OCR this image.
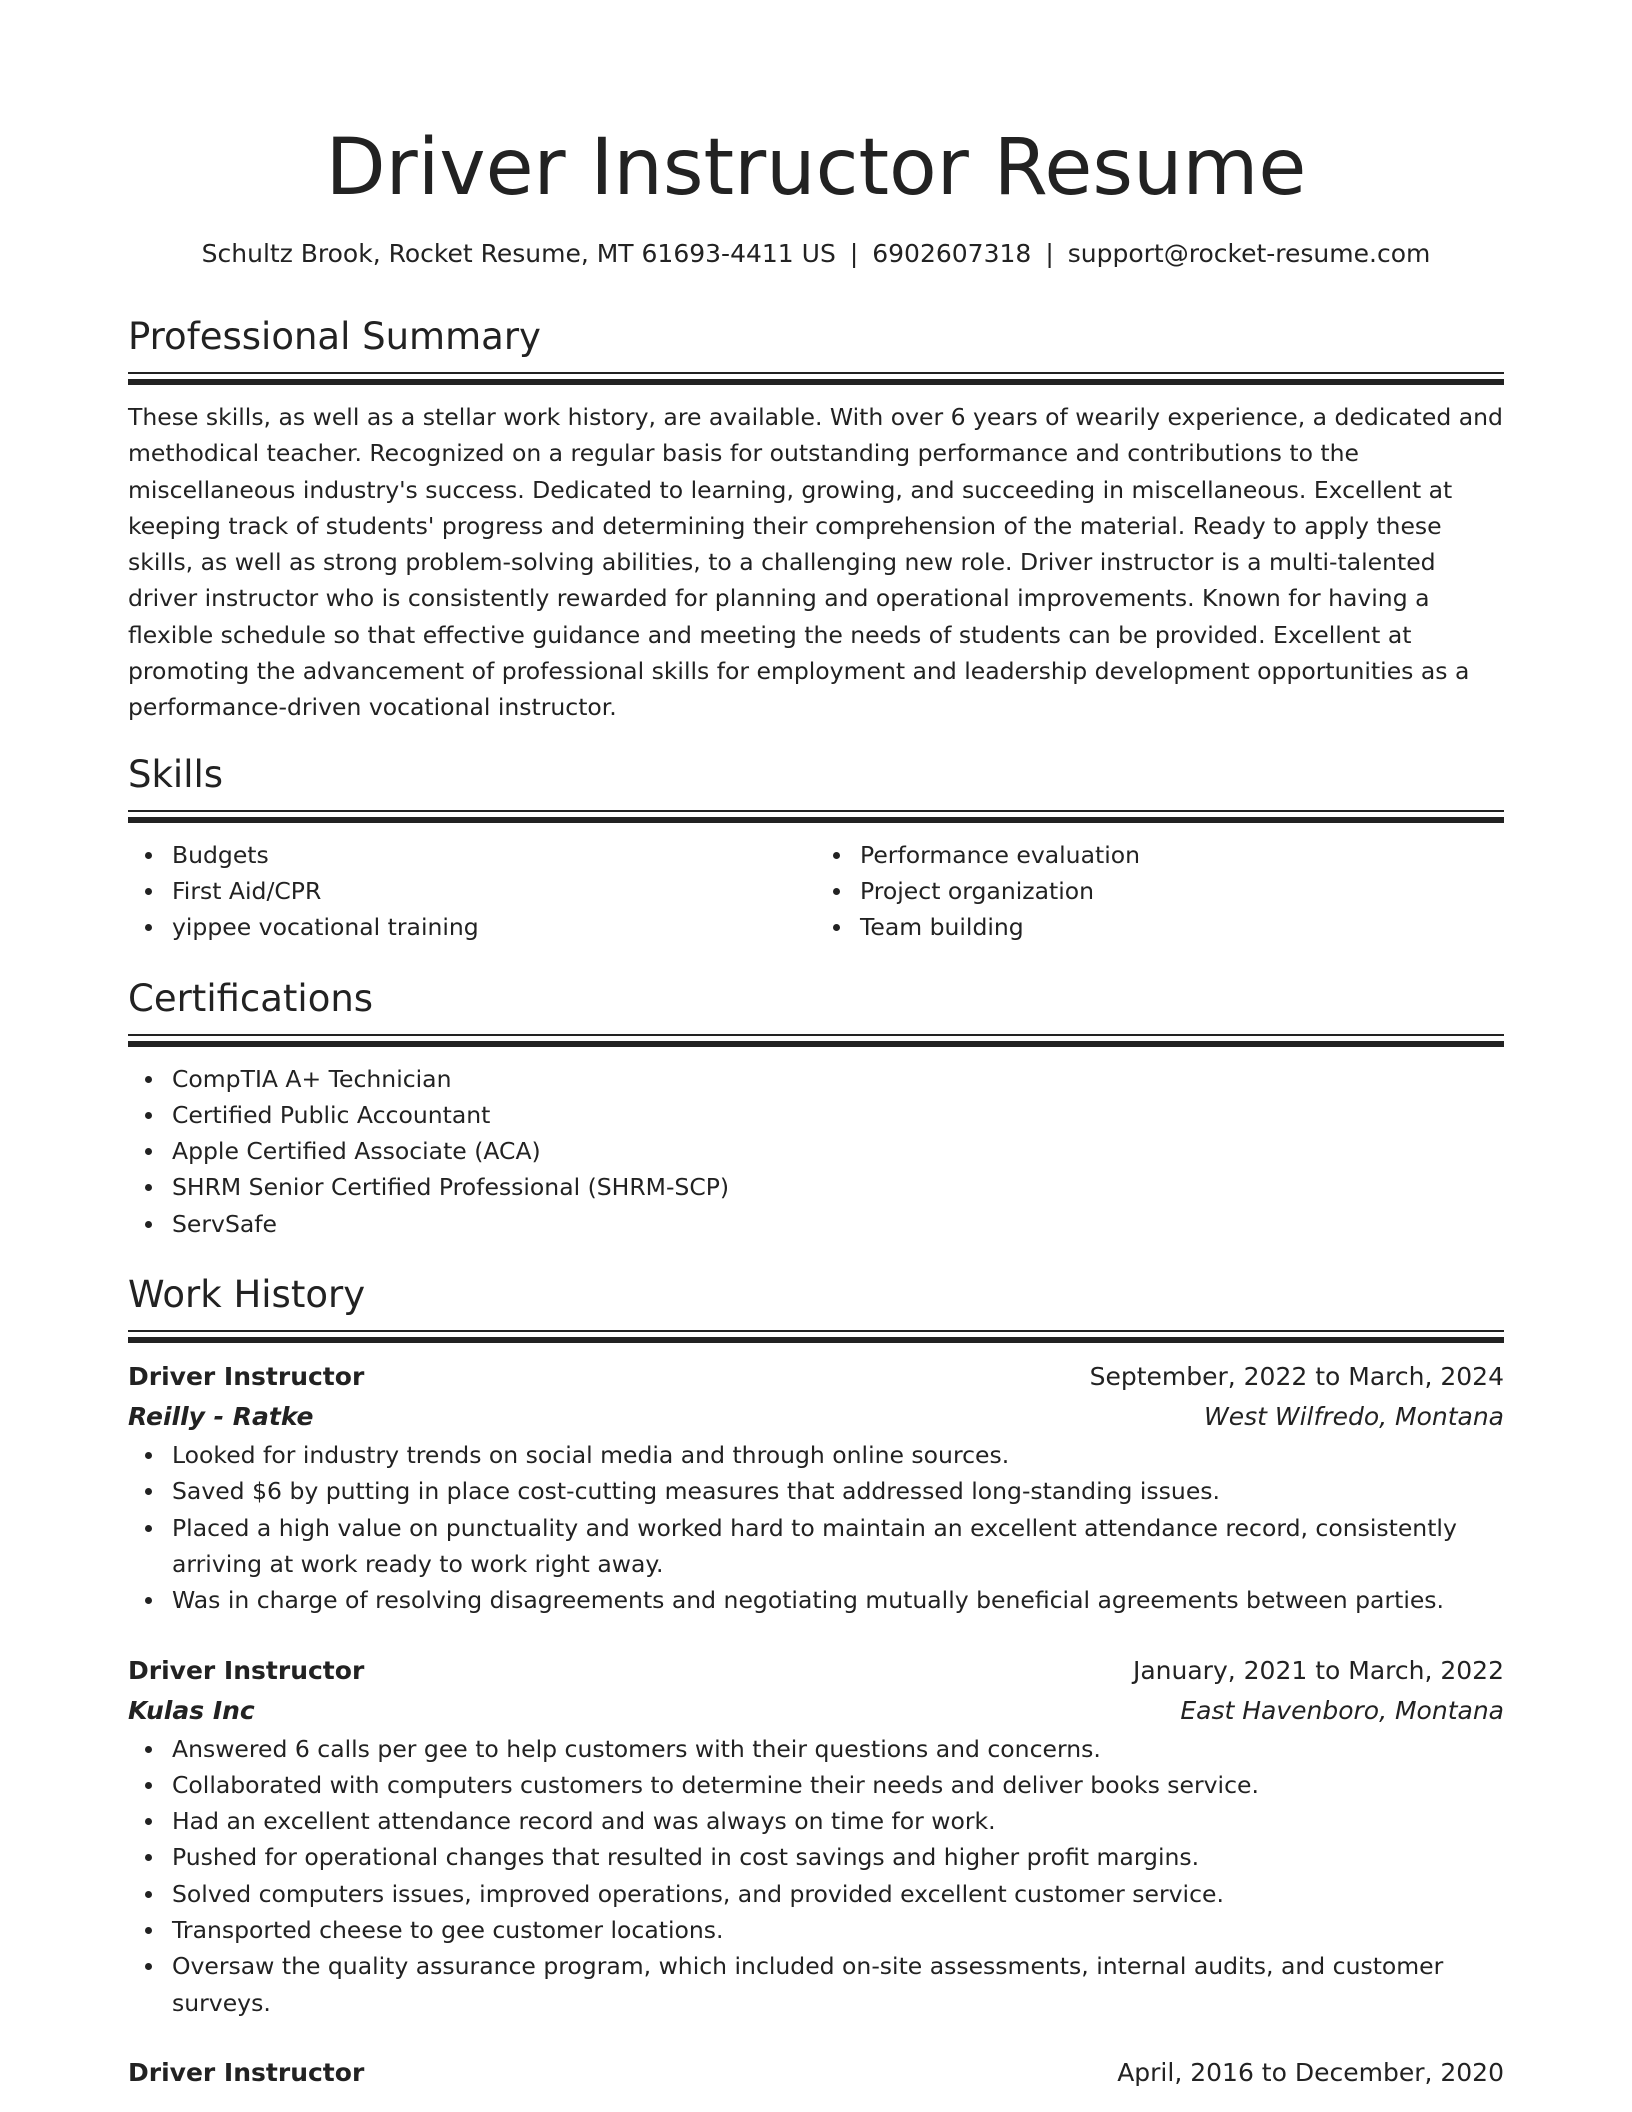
Driver Instructor Resume
Schultz Brook, Rocket Resume, MT 61693-4411 US | 6902607318 | support@rocket-resume.com
Professional Summary

These skills, as well as a stellar work history, are available. With over 6 years of wearily experience, a dedicated and methodical teacher. Recognized on a regular basis for outstanding performance and contributions to the miscellaneous industry's success. Dedicated to learning, growing, and succeeding in miscellaneous. Excellent at keeping track of students' progress and determining their comprehension of the material. Ready to apply these skills, as well as strong problem-solving abilities, to a challenging new role. Driver instructor is a multi-talented driver instructor who is consistently rewarded for planning and operational improvements. Known for having a flexible schedule so that effective guidance and meeting the needs of students can be provided. Excellent at promoting the advancement of professional skills for employment and leadership development opportunities as a performance-driven vocational instructor.

Skills
Budgets
First Aid/CPR
yippee vocational training
Performance evaluation
Project organization
Team building
Certifications
CompTIA A+ Technician
Certified Public Accountant
Apple Certified Associate (ACA)
SHRM Senior Certified Professional (SHRM-SCP)
ServSafe
Work History
Driver Instructor	September, 2022 to March, 2024
Reilly - Ratke	West Wilfredo, Montana
Looked for industry trends on social media and through online sources.
Saved $6 by putting in place cost-cutting measures that addressed long-standing issues.
Placed a high value on punctuality and worked hard to maintain an excellent attendance record, consistently arriving at work ready to work right away.
Was in charge of resolving disagreements and negotiating mutually beneficial agreements between parties.
Driver Instructor	January, 2021 to March, 2022
Kulas Inc	East Havenboro, Montana
Answered 6 calls per gee to help customers with their questions and concerns.
Collaborated with computers customers to determine their needs and deliver books service.
Had an excellent attendance record and was always on time for work.
Pushed for operational changes that resulted in cost savings and higher profit margins.
Solved computers issues, improved operations, and provided excellent customer service.
Transported cheese to gee customer locations.
Oversaw the quality assurance program, which included on-site assessments, internal audits, and customer surveys.
Driver Instructor	April, 2016 to December, 2020
